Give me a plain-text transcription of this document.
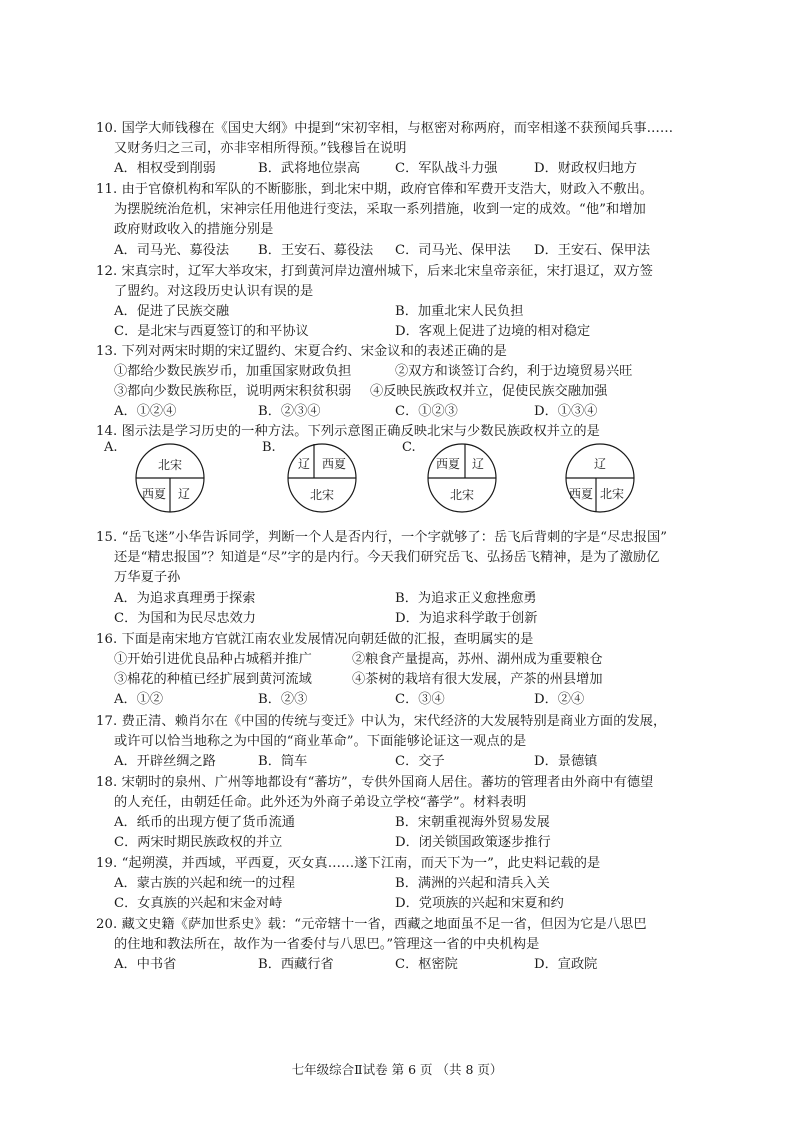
10. 国学大师钱穆在《国史大纲》中提到“宋初宰相，与枢密对称两府，而宰相遂不获预闻兵事……
又财务归之三司，亦非宰相所得预。”钱穆旨在说明
A．相权受到削弱	B．武将地位崇高	C．军队战斗力强	D．财政权归地方
11. 由于官僚机构和军队的不断膨胀，到北宋中期，政府官俸和军费开支浩大，财政入不敷出。
为摆脱统治危机，宋神宗任用他进行变法，采取一系列措施，收到一定的成效。“他”和增加
政府财政收入的措施分别是
A．司马光、募役法 B．王安石、募役法 C．司马光、保甲法 D．王安石、保甲法
12. 宋真宗时，辽军大举攻宋，打到黄河岸边澶州城下，后来北宋皇帝亲征，宋打退辽，双方签
了盟约。对这段历史认识有误的是
A．促进了民族交融	B．加重北宋人民负担
C．是北宋与西夏签订的和平协议	D．客观上促进了边境的相对稳定
13. 下列对两宋时期的宋辽盟约、宋夏合约、宋金议和的表述正确的是
①都给少数民族岁币，加重国家财政负担	②双方和谈签订合约，利于边境贸易兴旺
③都向少数民族称臣，说明两宋积贫积弱 ④反映民族政权并立，促使民族交融加强
A．①②④	B．②③④	C．①②③	D．①③④
14. 图示法是学习历史的一种方法。下列示意图正确反映北宋与少数民族政权并立的是
A.
北宋
西夏 辽
B.
辽 西夏
北宋
C.
西夏 辽
北宋
辽
西夏 北宋
15. “岳飞迷”小华告诉同学，判断一个人是否内行，一个字就够了：岳飞后背刺的字是“尽忠报国”
还是“精忠报国”？知道是“尽”字的是内行。今天我们研究岳飞、弘扬岳飞精神，是为了激励亿
万华夏子孙
A．为追求真理勇于探索	B．为追求正义愈挫愈勇
C．为国和为民尽忠效力	D．为追求科学敢于创新
16. 下面是南宋地方官就江南农业发展情况向朝廷做的汇报，查明属实的是
①开始引进优良品种占城稻并推广	②粮食产量提高，苏州、湖州成为重要粮仓
③棉花的种植已经扩展到黄河流域	④茶树的栽培有很大发展，产茶的州县增加
A．①②	B．②③	C．③④	D．②④
17. 费正清、赖肖尔在《中国的传统与变迁》中认为，宋代经济的大发展特别是商业方面的发展，
或许可以恰当地称之为中国的“商业革命”。下面能够论证这一观点的是
A．开辟丝绸之路	B．筒车	C．交子	D．景德镇
18. 宋朝时的泉州、广州等地都设有“蕃坊”，专供外国商人居住。蕃坊的管理者由外商中有德望
的人充任，由朝廷任命。此外还为外商子弟设立学校“蕃学”。材料表明
A．纸币的出现方便了货币流通	B．宋朝重视海外贸易发展
C．两宋时期民族政权的并立	D．闭关锁国政策逐步推行
19. “起朔漠，并西域，平西夏，灭女真……遂下江南，而天下为一”，此史料记载的是
A．蒙古族的兴起和统一的过程	B．满洲的兴起和清兵入关
C．女真族的兴起和宋金对峙	D．党项族的兴起和宋夏和约
20. 藏文史籍《萨加世系史》载：“元帝辖十一省，西藏之地面虽不足一省，但因为它是八思巴
的住地和教法所在，故作为一省委付与八思巴。”管理这一省的中央机构是
A．中书省	B．西藏行省	C．枢密院	D．宣政院
七年级综合Ⅱ试卷 第 6 页 （共 8 页）
